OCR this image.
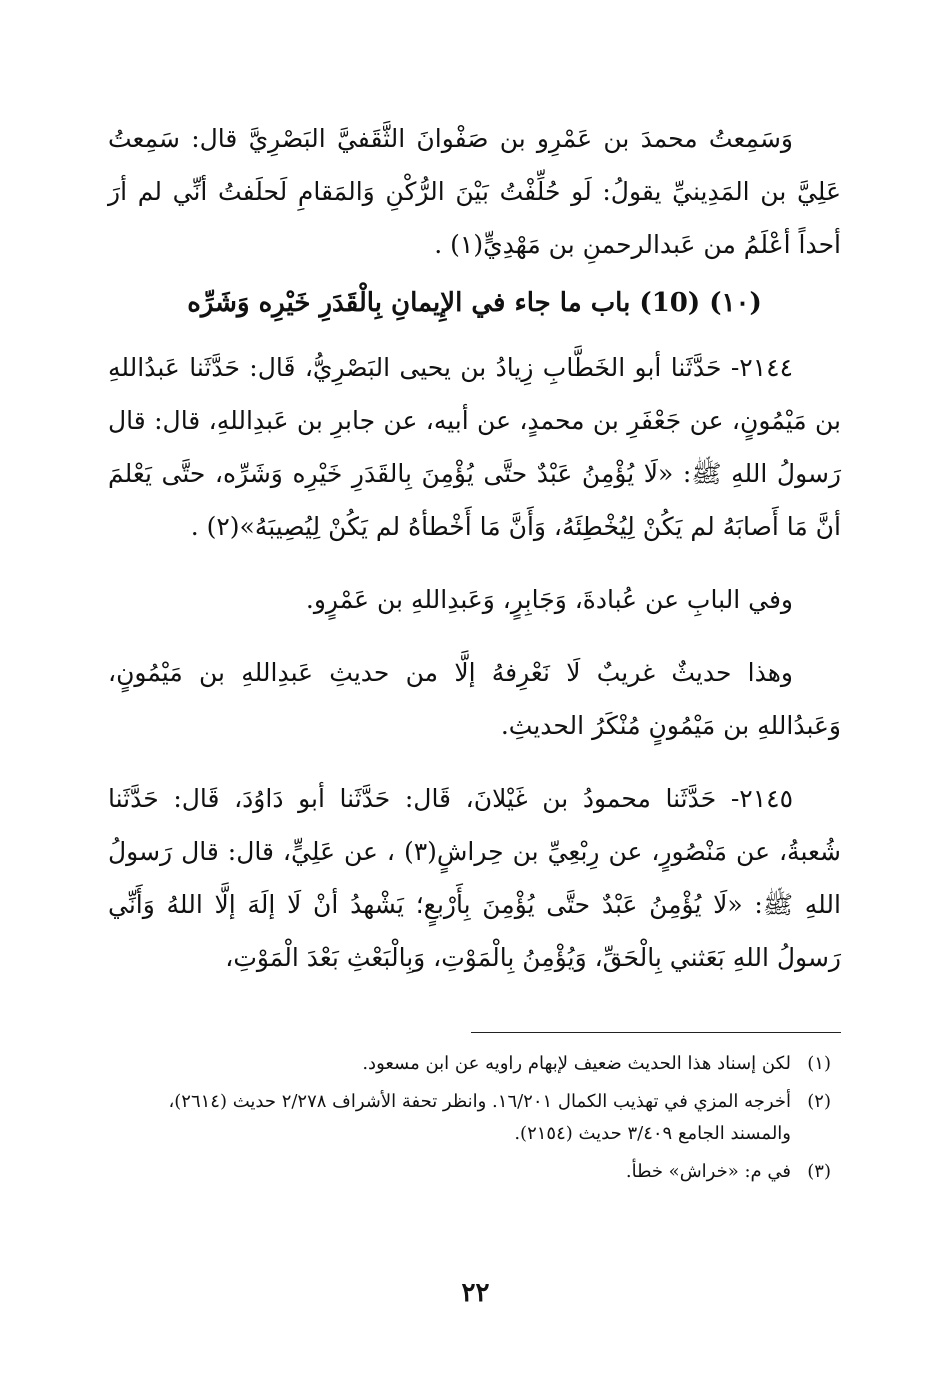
وَسَمِعتُ محمدَ بن عَمْرِو بن صَفْوانَ الثَّقَفيَّ البَصْرِيَّ قال: سَمِعتُ عَلِيَّ بن المَدِينيِّ يقولُ: لَو حُلِّفْتُ بَيْنَ الرُّكْنِ وَالمَقامِ لَحلَفتُ أنِّي لم أرَ أحداً أعْلَمُ من عَبدالرحمنِ بن مَهْدِيٍّ(١) .

(١٠) (10) باب ما جاء في الإِيمانِ بِالْقَدَرِ خَيْرِه وَشَرِّه

٢١٤٤- حَدَّثَنا أبو الخَطَّابِ زِيادُ بن يحيى البَصْرِيُّ، قَال: حَدَّثَنا عَبدُاللهِ بن مَيْمُونٍ، عن جَعْفَرِ بن محمدٍ، عن أبيه، عن جابرِ بن عَبدِاللهِ، قال: قال رَسولُ اللهِ ﷺ: «لَا يُؤْمِنُ عَبْدٌ حتَّى يُؤْمِنَ بِالقَدَرِ خَيْرِه وَشَرِّه، حتَّى يَعْلمَ أنَّ مَا أَصابَهُ لم يَكُنْ لِيُخْطِئَهُ، وَأَنَّ مَا أَخْطأهُ لم يَكُنْ لِيُصِيبَهُ»(٢) .

وفي البابِ عن عُبادةَ، وَجَابِرٍ، وَعَبدِاللهِ بن عَمْرٍو.

وهذا حديثٌ غريبٌ لَا نَعْرِفهُ إلَّا من حديثِ عَبدِاللهِ بن مَيْمُونٍ، وَعَبدُاللهِ بن مَيْمُونٍ مُنْكَرُ الحديثِ.

٢١٤٥- حَدَّثَنا محمودُ بن غَيْلانَ، قَال: حَدَّثَنا أبو دَاوُدَ، قَال: حَدَّثَنا شُعبةُ، عن مَنْصُورٍ، عن رِبْعِيِّ بن حِراشٍ(٣) ، عن عَلِيٍّ، قال: قال رَسولُ اللهِ ﷺ: «لَا يُؤْمِنُ عَبْدٌ حتَّى يُؤْمِنَ بِأَرْبعٍ؛ يَشْهدُ أنْ لَا إلَهَ إلَّا اللهُ وَأَنِّي رَسولُ اللهِ بَعَثني بِالْحَقِّ، وَيُؤْمِنُ بِالْمَوْتِ، وَبِالْبَعْثِ بَعْدَ الْمَوْتِ،

(١)
لكن إسناد هذا الحديث ضعيف لإبهام راويه عن ابن مسعود.
(٢)
أخرجه المزي في تهذيب الكمال ١٦/٢٠١. وانظر تحفة الأشراف ٢/٢٧٨ حديث (٢٦١٤)، والمسند الجامع ٣/٤٠٩ حديث (٢١٥٤).
(٣)
في م: «خراش» خطأ.
٢٢
